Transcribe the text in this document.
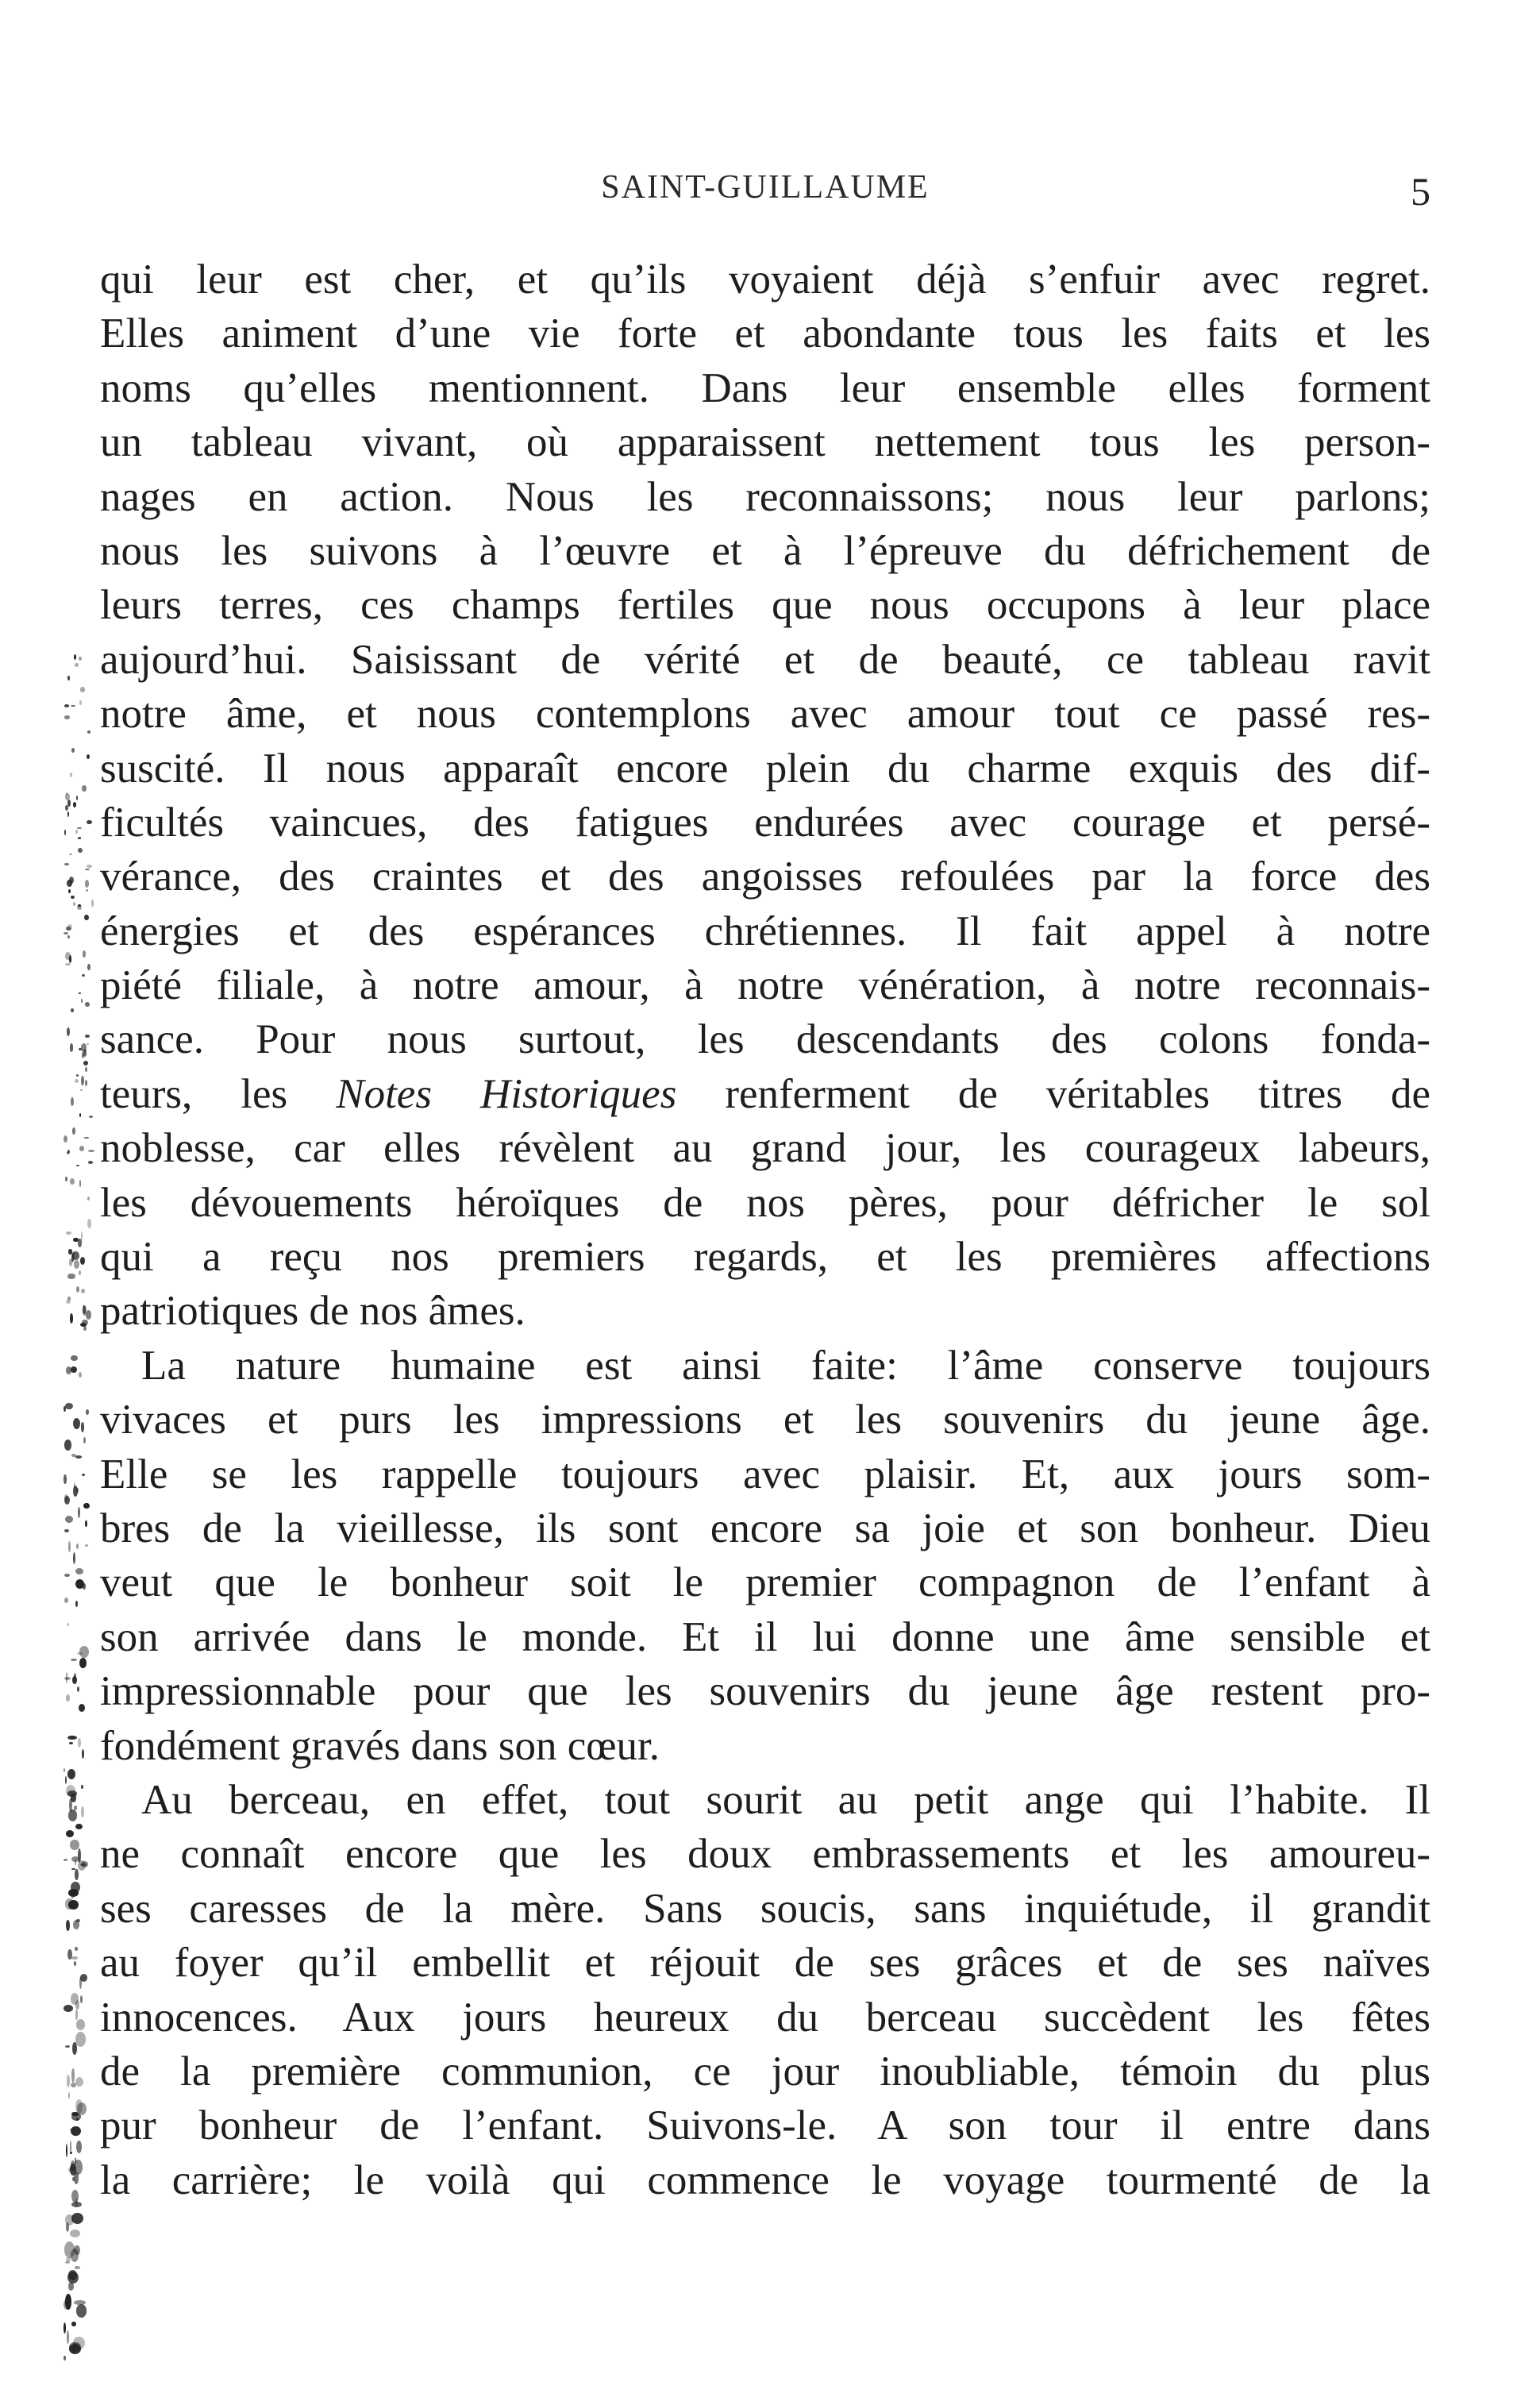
SAINT-GUILLAUME	5
qui leur est cher, et qu’ils voyaient déjà s’enfuir avec regret.
Elles animent d’une vie forte et abondante tous les faits et les
noms qu’elles mentionnent. Dans leur ensemble elles forment
un tableau vivant, où apparaissent nettement tous les person-
nages en action. Nous les reconnaissons; nous leur parlons;
nous les suivons à l’œuvre et à l’épreuve du défrichement de
leurs terres, ces champs fertiles que nous occupons à leur place
aujourd’hui. Saisissant de vérité et de beauté, ce tableau ravit
notre âme, et nous contemplons avec amour tout ce passé res-
suscité. Il nous apparaît encore plein du charme exquis des dif-
ficultés vaincues, des fatigues endurées avec courage et persé-
vérance, des craintes et des angoisses refoulées par la force des
énergies et des espérances chrétiennes. Il fait appel à notre
piété filiale, à notre amour, à notre vénération, à notre reconnais-
sance. Pour nous surtout, les descendants des colons fonda-
teurs, les Notes Historiques renferment de véritables titres de
noblesse, car elles révèlent au grand jour, les courageux labeurs,
les dévouements héroïques de nos pères, pour défricher le sol
qui a reçu nos premiers regards, et les premières affections
patriotiques de nos âmes.
La nature humaine est ainsi faite: l’âme conserve toujours
vivaces et purs les impressions et les souvenirs du jeune âge.
Elle se les rappelle toujours avec plaisir. Et, aux jours som-
bres de la vieillesse, ils sont encore sa joie et son bonheur. Dieu
veut que le bonheur soit le premier compagnon de l’enfant à
son arrivée dans le monde. Et il lui donne une âme sensible et
impressionnable pour que les souvenirs du jeune âge restent pro-
fondément gravés dans son cœur.
Au berceau, en effet, tout sourit au petit ange qui l’habite. Il
ne connaît encore que les doux embrassements et les amoureu-
ses caresses de la mère. Sans soucis, sans inquiétude, il grandit
au foyer qu’il embellit et réjouit de ses grâces et de ses naïves
innocences. Aux jours heureux du berceau succèdent les fêtes
de la première communion, ce jour inoubliable, témoin du plus
pur bonheur de l’enfant. Suivons-le. A son tour il entre dans
la carrière; le voilà qui commence le voyage tourmenté de la
